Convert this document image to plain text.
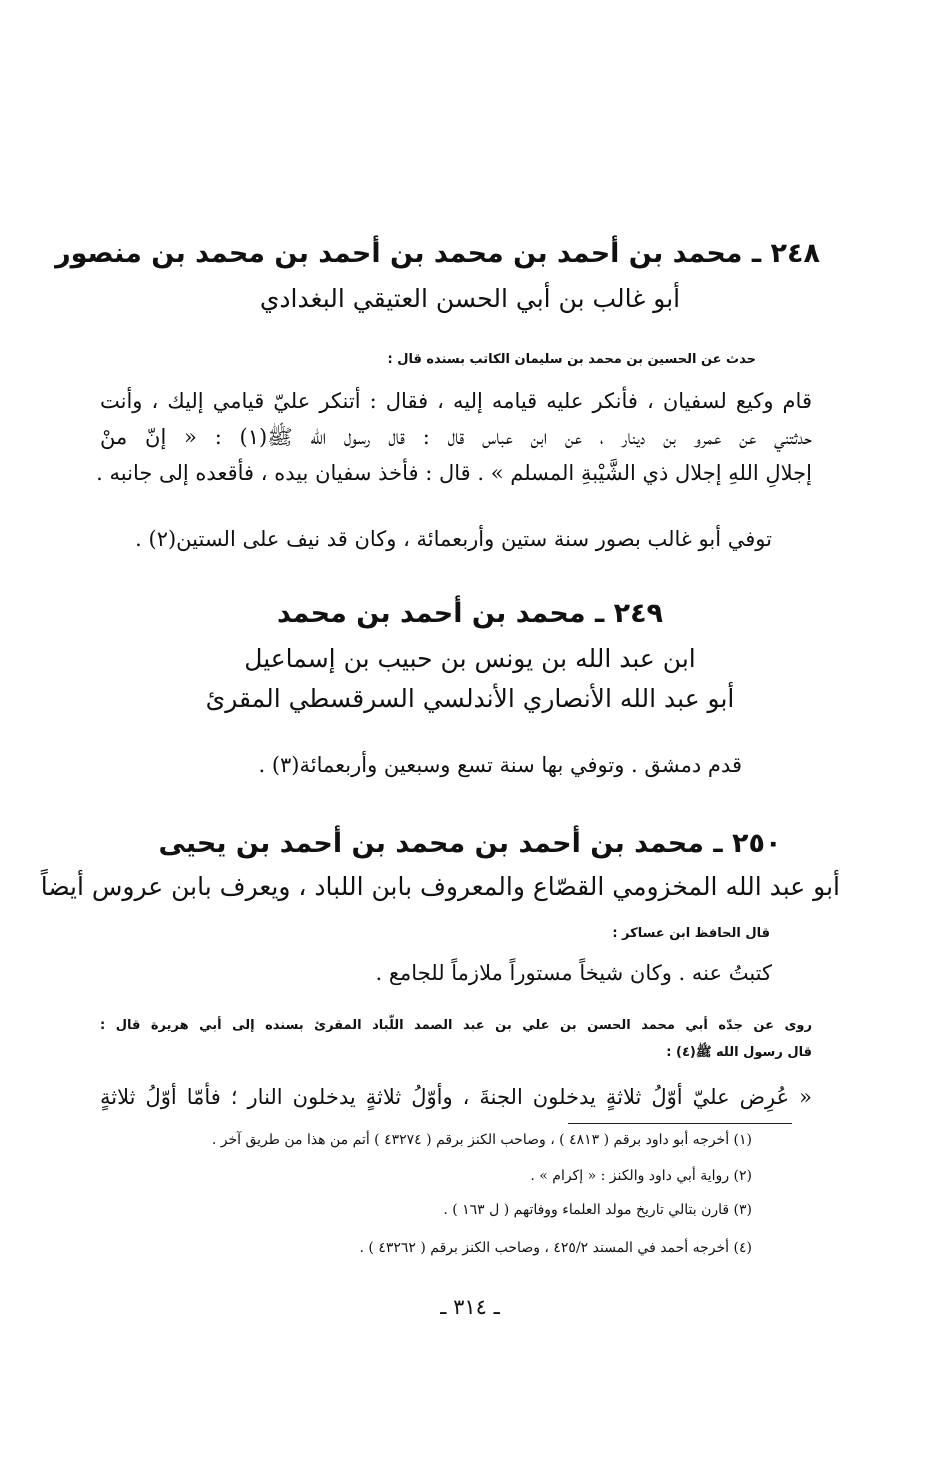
٢٤٨ ـ محمد بن أحمد بن محمد بن أحمد بن محمد بن منصور
أبو غالب بن أبي الحسن العتيقي البغدادي
حدث عن الحسين بن محمد بن سليمان الكاتب بسنده قال :
قام وكيع لسفيان ، فأنكر عليه قيامه إليه ، فقال : أتنكر عليّ قيامي إليك ، وأنت
حدثتني عن عمرو بن دينار ، عن ابن عباس قال : قال رسول الله ﷺ(١) : « إنّ منْ
إجلالِ اللهِ إجلال ذي الشَّيْبةِ المسلم » . قال : فأخذ سفيان بيده ، فأقعده إلى جانبه .
توفي أبو غالب بصور سنة ستين وأربعمائة ، وكان قد نيف على الستين(٢) .
٢٤٩ ـ محمد بن أحمد بن محمد
ابن عبد الله بن يونس بن حبيب بن إسماعيل
أبو عبد الله الأنصاري الأندلسي السرقسطي المقرئ
قدم دمشق . وتوفي بها سنة تسع وسبعين وأربعمائة(٣) .
٢٥٠ ـ محمد بن أحمد بن محمد بن أحمد بن يحيى
أبو عبد الله المخزومي القصّاع والمعروف بابن اللباد ، ويعرف بابن عروس أيضاً
قال الحافظ ابن عساكر :
كتبتُ عنه . وكان شيخاً مستوراً ملازماً للجامع .
روى عن جدّه أبي محمد الحسن بن علي بن عبد الصمد اللّباد المقرئ بسنده إلى أبي هريرة قال :
قال رسول الله ﷺ(٤) :
« عُرِض عليّ أوّلُ ثلاثةٍ يدخلون الجنةَ ، وأوّلُ ثلاثةٍ يدخلون النار ؛ فأمّا أوّلُ ثلاثةٍ
(١) أخرجه أبو داود برقم ( ٤٨١٣ ) ، وصاحب الكنز برقم ( ٤٣٢٧٤ ) أتم من هذا من طريق آخر .
(٢) رواية أبي داود والكنز : « إكرام » .
(٣) قارن بتالي تاريخ مولد العلماء ووفاتهم ( ل ١٦٣ ) .
(٤) أخرجه أحمد في المسند ٤٢٥/٢ ، وصاحب الكنز برقم ( ٤٣٢٦٢ ) .
ـ ٣١٤ ـ
